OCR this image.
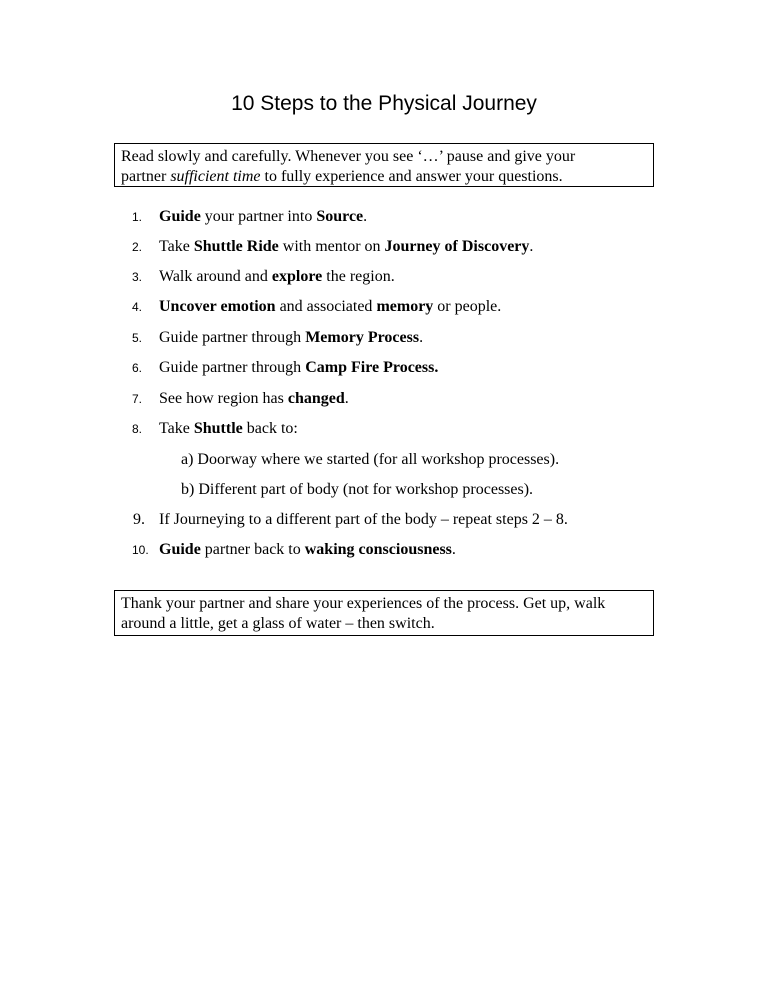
10 Steps to the Physical Journey
Read slowly and carefully. Whenever you see ‘…’ pause and give your
partner sufficient time to fully experience and answer your questions.
1.	Guide your partner into Source.
2.	Take Shuttle Ride with mentor on Journey of Discovery.
3.	Walk around and explore the region.
4.	Uncover emotion and associated memory or people.
5.	Guide partner through Memory Process.
6.	Guide partner through Camp Fire Process.
7.	See how region has changed.
8.	Take Shuttle back to:
a) Doorway where we started (for all workshop processes).
b) Different part of body (not for workshop processes).
9. If Journeying to a different part of the body – repeat steps 2 – 8.
10. Guide partner back to waking consciousness.
Thank your partner and share your experiences of the process. Get up, walk around a little, get a glass of water – then switch.
